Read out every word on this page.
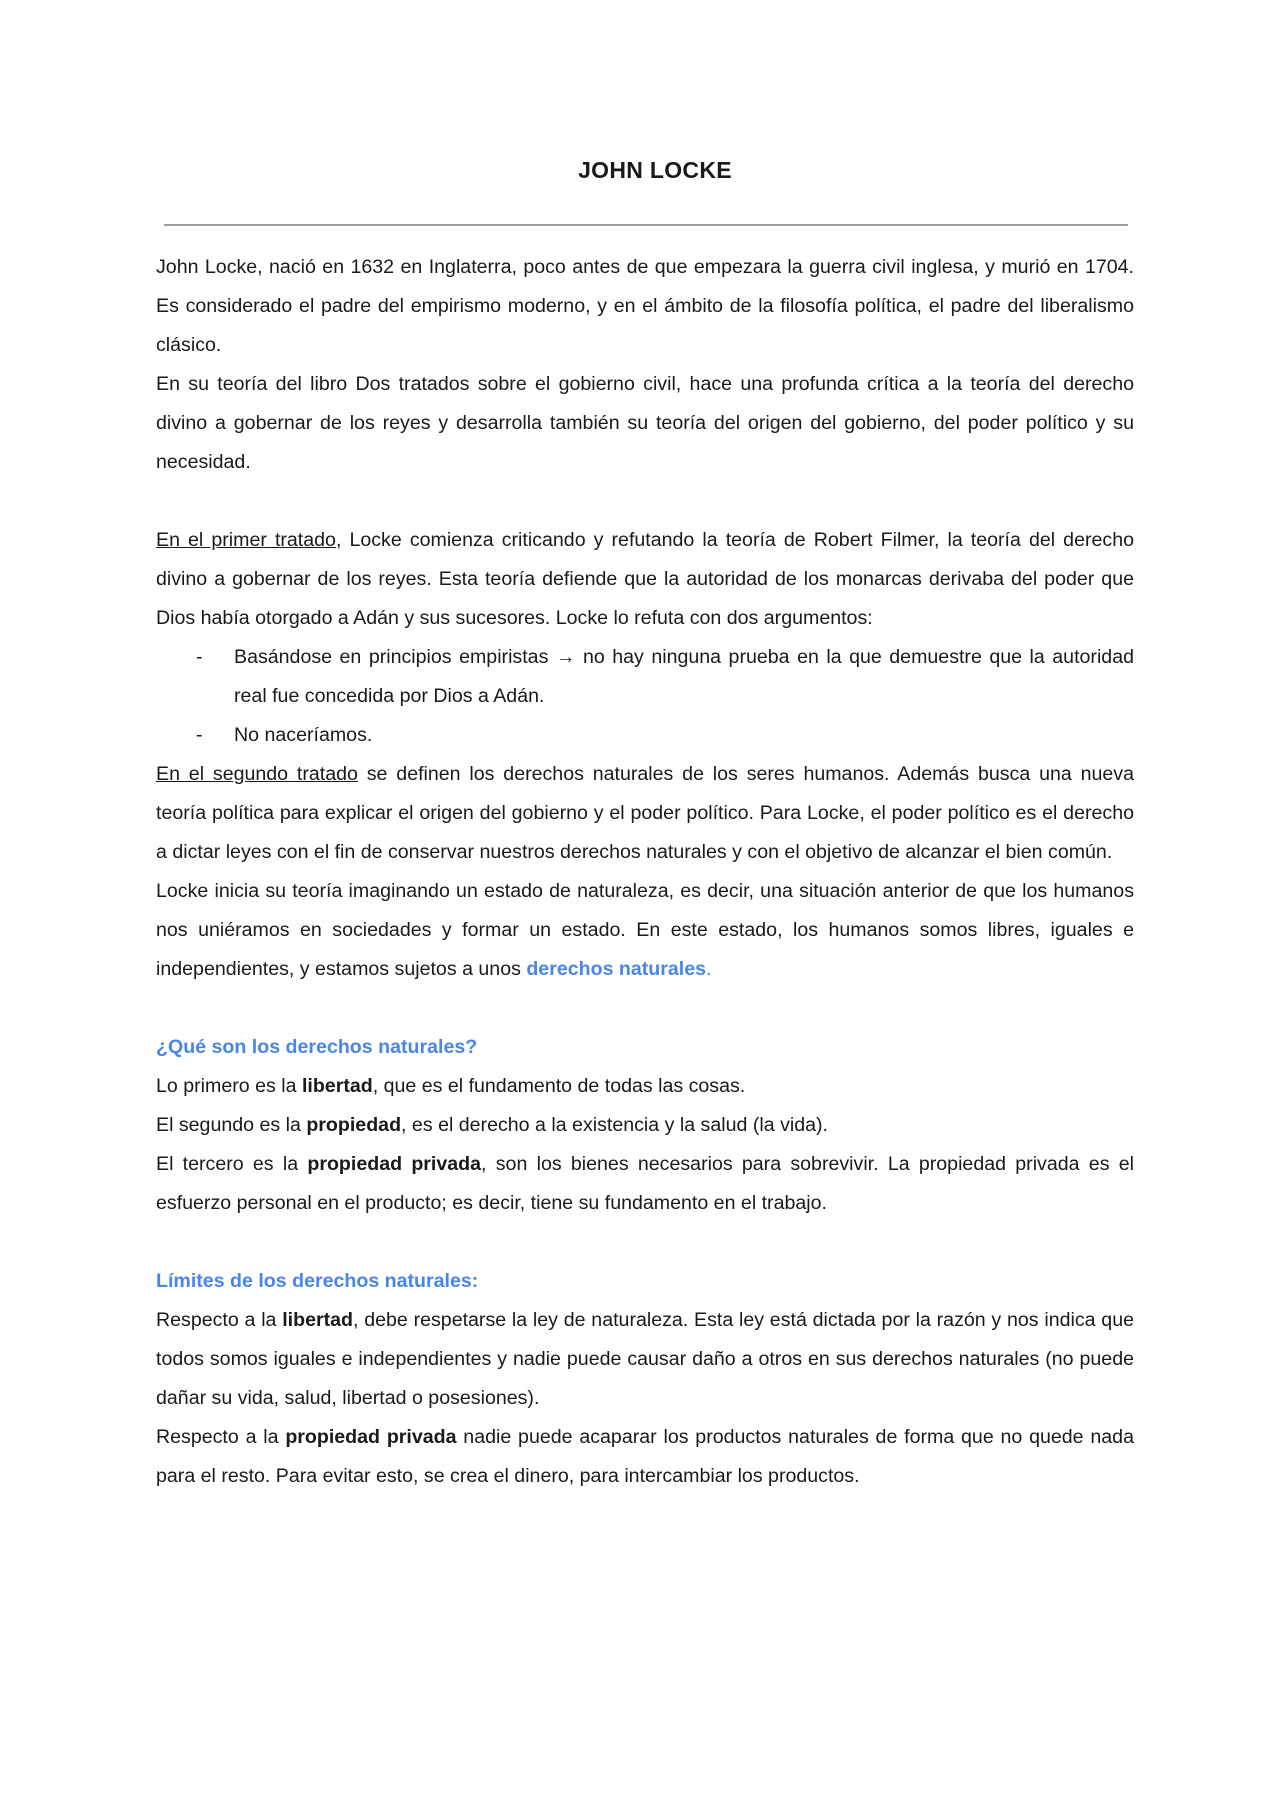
JOHN LOCKE

John Locke, nació en 1632 en Inglaterra, poco antes de que empezara la guerra civil inglesa, y murió en 1704. Es considerado el padre del empirismo moderno, y en el ámbito de la filosofía política, el padre del liberalismo clásico.

En su teoría del libro Dos tratados sobre el gobierno civil, hace una profunda crítica a la teoría del derecho divino a gobernar de los reyes y desarrolla también su teoría del origen del gobierno, del poder político y su necesidad.

En el primer tratado, Locke comienza criticando y refutando la teoría de Robert Filmer, la teoría del derecho divino a gobernar de los reyes. Esta teoría defiende que la autoridad de los monarcas derivaba del poder que Dios había otorgado a Adán y sus sucesores. Locke lo refuta con dos argumentos:

- Basándose en principios empiristas → no hay ninguna prueba en la que demuestre que la autoridad real fue concedida por Dios a Adán.
- No naceríamos.

En el segundo tratado se definen los derechos naturales de los seres humanos. Además busca una nueva teoría política para explicar el origen del gobierno y el poder político. Para Locke, el poder político es el derecho a dictar leyes con el fin de conservar nuestros derechos naturales y con el objetivo de alcanzar el bien común.

Locke inicia su teoría imaginando un estado de naturaleza, es decir, una situación anterior de que los humanos nos uniéramos en sociedades y formar un estado. En este estado, los humanos somos libres, iguales e independientes, y estamos sujetos a unos derechos naturales.

¿Qué son los derechos naturales?

Lo primero es la libertad, que es el fundamento de todas las cosas.

El segundo es la propiedad, es el derecho a la existencia y la salud (la vida).

El tercero es la propiedad privada, son los bienes necesarios para sobrevivir. La propiedad privada es el esfuerzo personal en el producto; es decir, tiene su fundamento en el trabajo.

Límites de los derechos naturales:

Respecto a la libertad, debe respetarse la ley de naturaleza. Esta ley está dictada por la razón y nos indica que todos somos iguales e independientes y nadie puede causar daño a otros en sus derechos naturales (no puede dañar su vida, salud, libertad o posesiones).

Respecto a la propiedad privada nadie puede acaparar los productos naturales de forma que no quede nada para el resto. Para evitar esto, se crea el dinero, para intercambiar los productos.
